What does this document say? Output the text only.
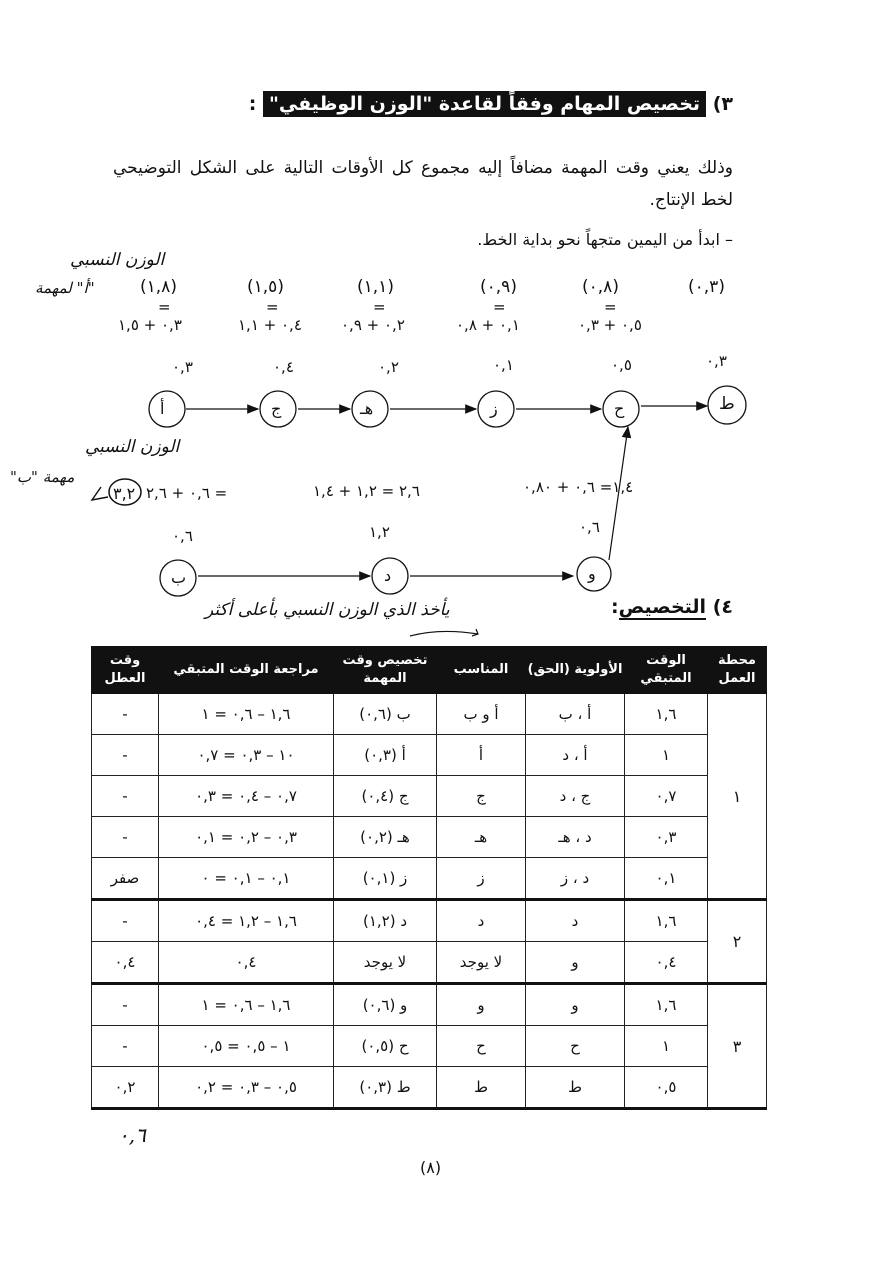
٣) تخصيص المهام وفقاً لقاعدة "الوزن الوظيفي" :
وذلك يعني وقت المهمة مضافاً إليه مجموع كل الأوقات التالية على الشكل التوضيحي لخط الإنتاج.
– ابدأ من اليمين متجهاً نحو بداية الخط.
(١,٨)	(١,٥)	(١,١)	(٠,٩)	(٠,٨)	(٠,٣)
=	=	=	=	=
٠,٣ + ١,٥	٠,٤ + ١,١	٠,٢ + ٠,٩	٠,١ + ٠,٨	٠,٥ + ٠,٣
الوزن النسبي
"أ" لمهمة
الوزن النسبي
مهمة "ب"
يأخذ الذي الوزن النسبي بأعلى أكثر
٠,٦
أ	ج	هـ	ز	ح	ط
ب	د	و
٠,٣	٠,٤	٠,٢	٠,١	٠,٥	٠,٣
٠,٦	١,٢	٠,٦
٣,٢ = ٠,٦ + ٢,٦	٢,٦ = ١,٢ + ١,٤	١,٤= ٠,٦ + ٠,٨٠
٤) التخصيص:
محطة العمل	الوقت المتبقي	الأولوية (الحق)	المناسب	تخصيص وقت المهمة	مراجعة الوقت المتبقي	وقت العطل
١	١,٦	أ ، ب	أ و ب	ب (٠,٦)	١,٦ – ٠,٦ = ١	-
	١	أ ، د	أ	أ (٠,٣)	١٠ – ٠,٣ = ٠,٧	-
	٠,٧	ج ، د	ج	ج (٠,٤)	٠,٧ – ٠,٤ = ٠,٣	-
	٠,٣	د ، هـ	هـ	هـ (٠,٢)	٠,٣ – ٠,٢ = ٠,١	-
	٠,١	د ، ز	ز	ز (٠,١)	٠,١ – ٠,١ = ٠	صفر
٢	١,٦	د	د	د (١,٢)	١,٦ – ١,٢ = ٠,٤	-
	٠,٤	و	لا يوجد	لا يوجد	٠,٤	٠,٤
٣	١,٦	و	و	و (٠,٦)	١,٦ – ٠,٦ = ١	-
	١	ح	ح	ح (٠,٥)	١ – ٠,٥ = ٠,٥	-
	٠,٥	ط	ط	ط (٠,٣)	٠,٥ – ٠,٣ = ٠,٢	٠,٢
(٨)
